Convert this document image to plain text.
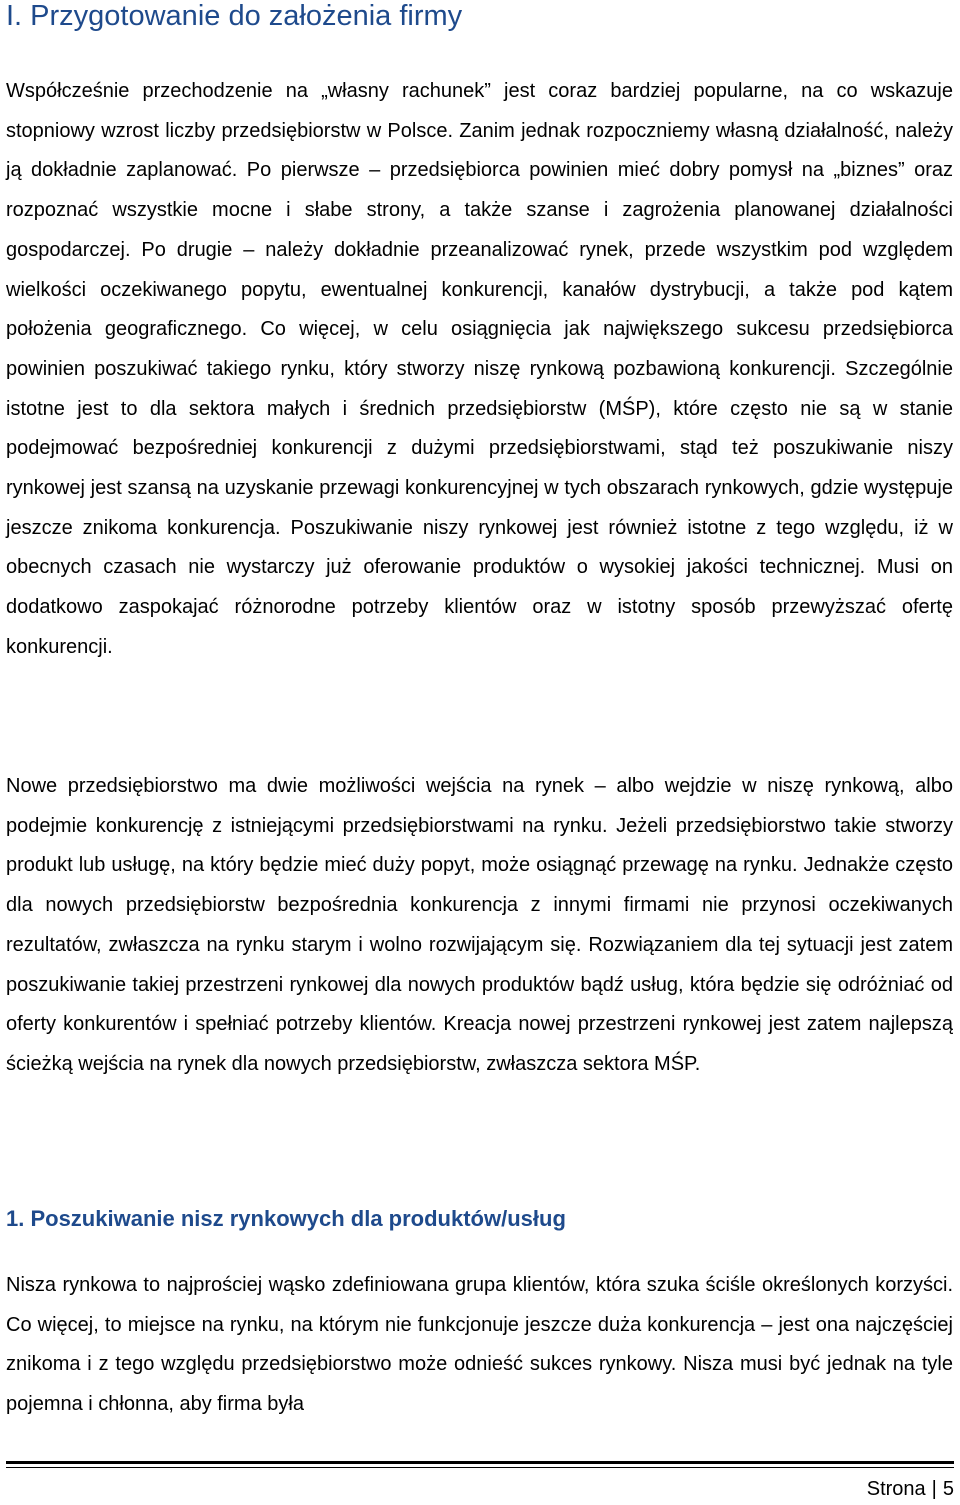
I. Przygotowanie do założenia firmy

Współcześnie przechodzenie na „własny rachunek” jest coraz bardziej popularne, na co wskazuje stopniowy wzrost liczby przedsiębiorstw w Polsce. Zanim jednak rozpoczniemy własną działalność, należy ją dokładnie zaplanować. Po pierwsze – przedsiębiorca powinien mieć dobry pomysł na „biznes” oraz rozpoznać wszystkie mocne i słabe strony, a także szanse i zagrożenia planowanej działalności gospodarczej. Po drugie – należy dokładnie przeanalizować rynek, przede wszystkim pod względem wielkości oczekiwanego popytu, ewentualnej konkurencji, kanałów dystrybucji, a także pod kątem położenia geograficznego. Co więcej, w celu osiągnięcia jak największego sukcesu przedsiębiorca powinien poszukiwać takiego rynku, który stworzy niszę rynkową pozbawioną konkurencji. Szczególnie istotne jest to dla sektora małych i średnich przedsiębiorstw (MŚP), które często nie są w stanie podejmować bezpośredniej konkurencji z dużymi przedsiębiorstwami, stąd też poszukiwanie niszy rynkowej jest szansą na uzyskanie przewagi konkurencyjnej w tych obszarach rynkowych, gdzie występuje jeszcze znikoma konkurencja. Poszukiwanie niszy rynkowej jest również istotne z tego względu, iż w obecnych czasach nie wystarczy już oferowanie produktów o wysokiej jakości technicznej. Musi on dodatkowo zaspokajać różnorodne potrzeby klientów oraz w istotny sposób przewyższać ofertę konkurencji.

Nowe przedsiębiorstwo ma dwie możliwości wejścia na rynek – albo wejdzie w niszę rynkową, albo podejmie konkurencję z istniejącymi przedsiębiorstwami na rynku. Jeżeli przedsiębiorstwo takie stworzy produkt lub usługę, na który będzie mieć duży popyt, może osiągnąć przewagę na rynku. Jednakże często dla nowych przedsiębiorstw bezpośrednia konkurencja z innymi firmami nie przynosi oczekiwanych rezultatów, zwłaszcza na rynku starym i wolno rozwijającym się. Rozwiązaniem dla tej sytuacji jest zatem poszukiwanie takiej przestrzeni rynkowej dla nowych produktów bądź usług, która będzie się odróżniać od oferty konkurentów i spełniać potrzeby klientów. Kreacja nowej przestrzeni rynkowej jest zatem najlepszą ścieżką wejścia na rynek dla nowych przedsiębiorstw, zwłaszcza sektora MŚP.

1. Poszukiwanie nisz rynkowych dla produktów/usług

Nisza rynkowa to najprościej wąsko zdefiniowana grupa klientów, która szuka ściśle określonych korzyści. Co więcej, to miejsce na rynku, na którym nie funkcjonuje jeszcze duża konkurencja – jest ona najczęściej znikoma i z tego względu przedsiębiorstwo może odnieść sukces rynkowy. Nisza musi być jednak na tyle pojemna i chłonna, aby firma była

Strona | 5
